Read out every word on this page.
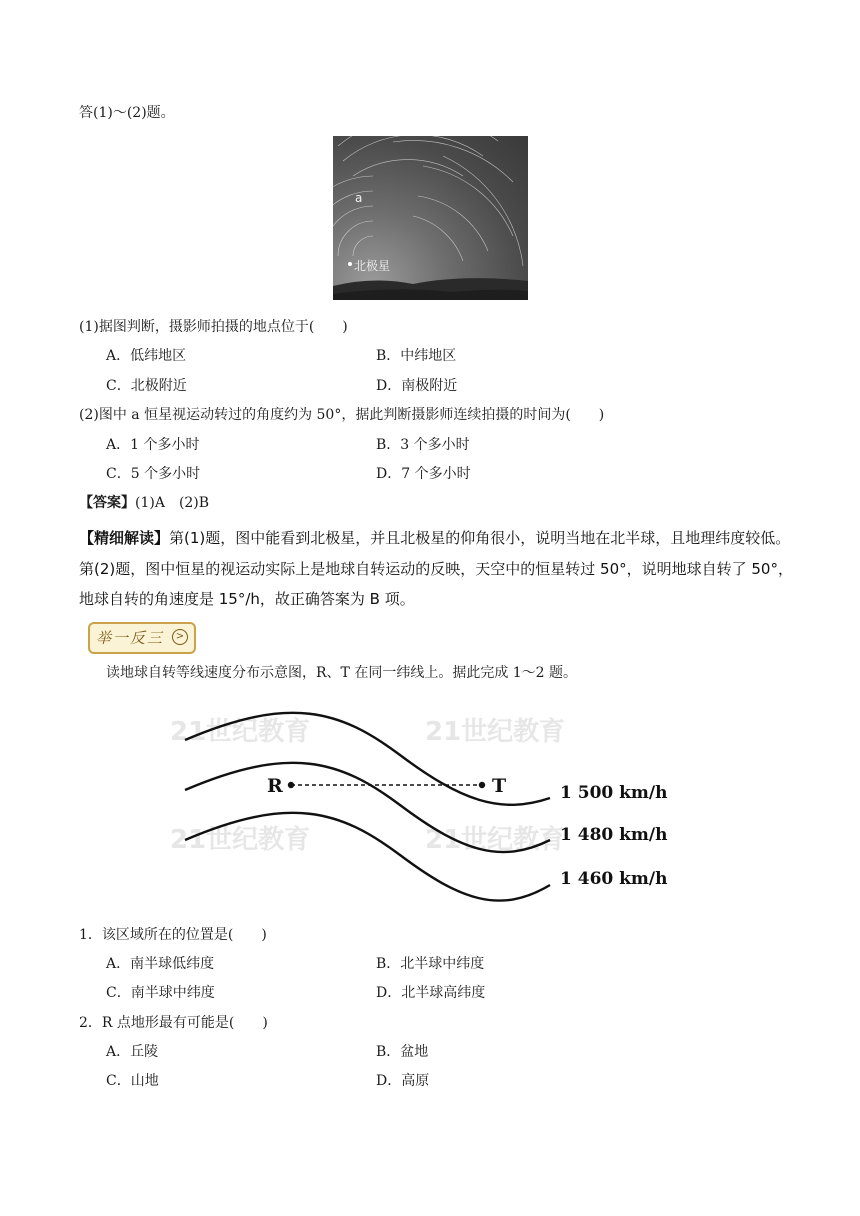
答(1)～(2)题。
a
北极星
(1)据图判断，摄影师拍摄的地点位于(　　)
A．低纬地区	B．中纬地区
C．北极附近	D．南极附近
(2)图中 a 恒星视运动转过的角度约为 50°，据此判断摄影师连续拍摄的时间为(　　)
A．1 个多小时	B．3 个多小时
C．5 个多小时	D．7 个多小时
【答案】(1)A　(2)B
【精细解读】第(1)题，图中能看到北极星，并且北极星的仰角很小，说明当地在北半球，且地理纬度较低。
第(2)题，图中恒星的视运动实际上是地球自转运动的反映，天空中的恒星转过 50°，说明地球自转了 50°，
地球自转的角速度是 15°/h，故正确答案为 B 项。
举一反三	>
读地球自转等线速度分布示意图，R、T 在同一纬线上。据此完成 1～2 题。
21世纪教育	21世纪教育
21世纪教育	21世纪教育
R	T	1 500 km/h
1 480 km/h
1 460 km/h
1．该区域所在的位置是(　　)
A．南半球低纬度	B．北半球中纬度
C．南半球中纬度	D．北半球高纬度
2．R 点地形最有可能是(　　)
A．丘陵	B．盆地
C．山地	D．高原
